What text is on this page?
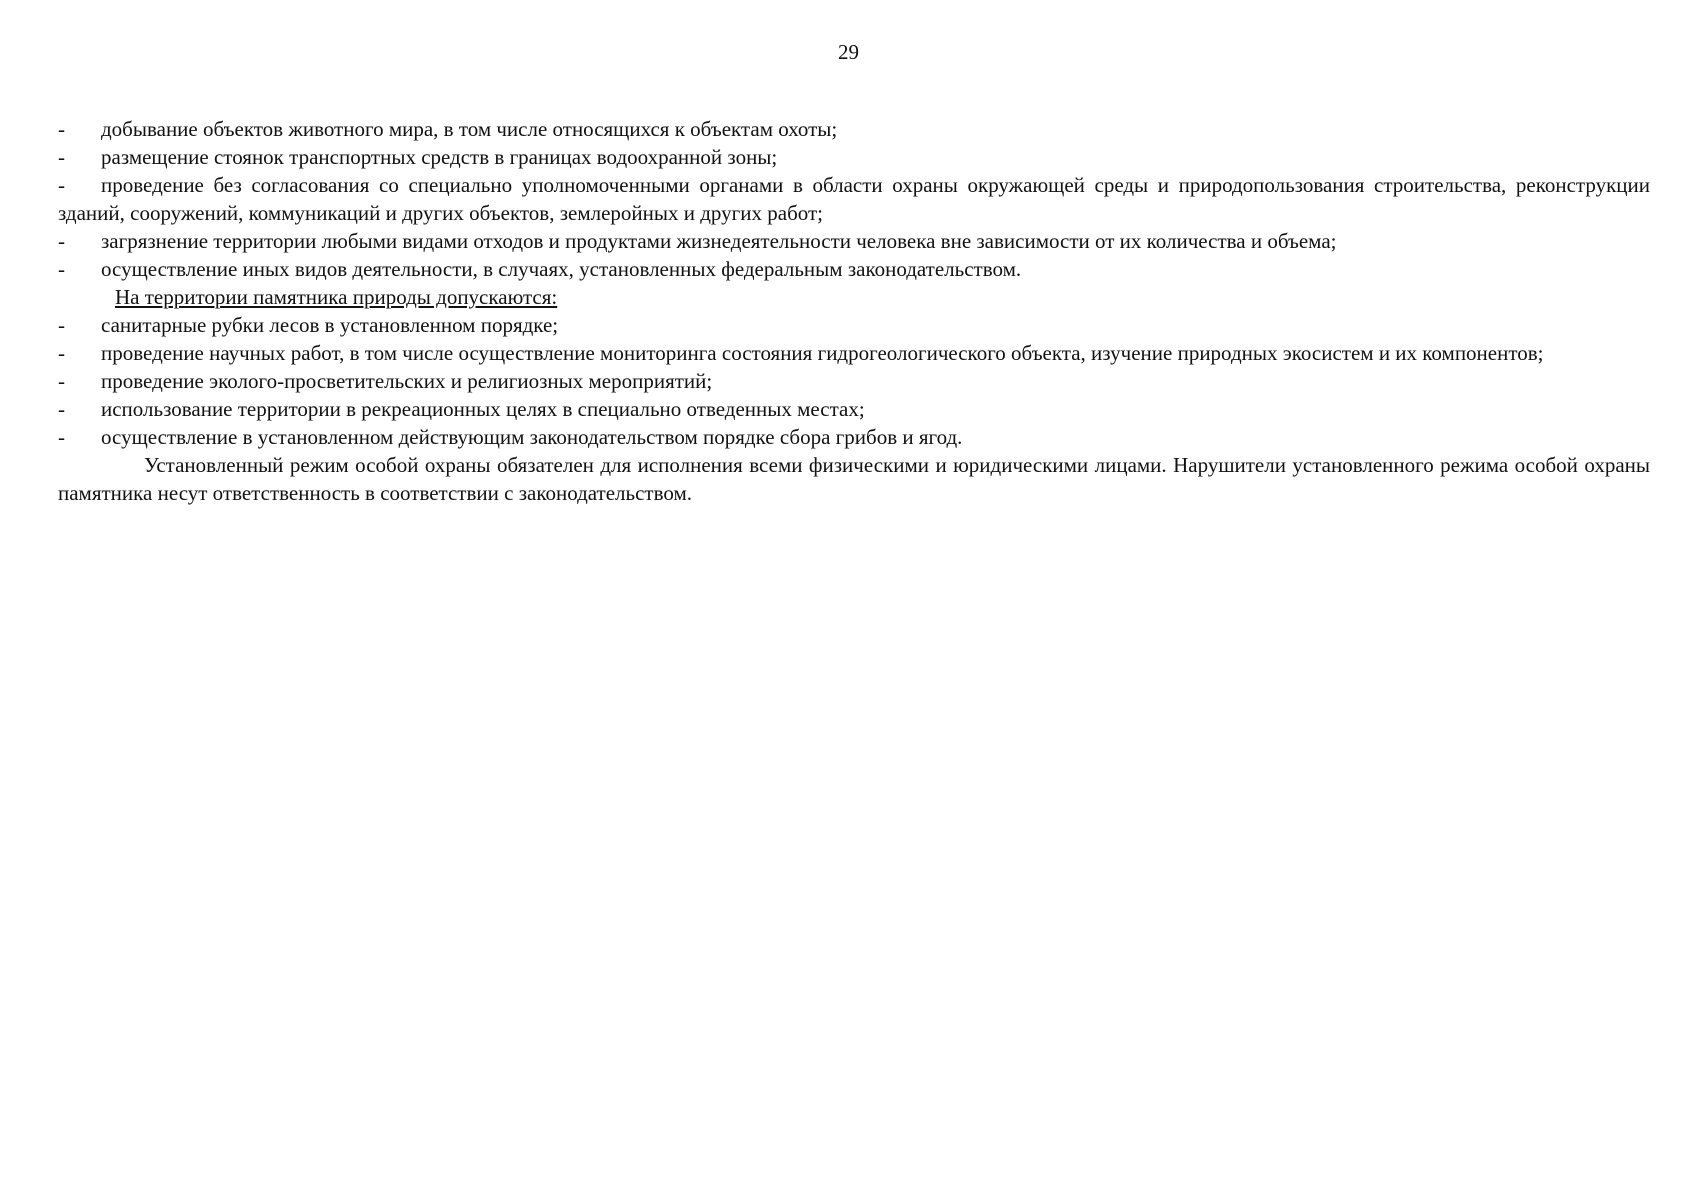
29

- добывание объектов животного мира, в том числе относящихся к объектам охоты;

- размещение стоянок транспортных средств в границах водоохранной зоны;

- проведение без согласования со специально уполномоченными органами в области охраны окружающей среды и природопользования строительства, реконструкции зданий, сооружений, коммуникаций и других объектов, землеройных и других работ;

- загрязнение территории любыми видами отходов и продуктами жизнедеятельности человека вне зависимости от их количества и объема;

- осуществление иных видов деятельности, в случаях, установленных федеральным законодательством.

На территории памятника природы допускаются:

- санитарные рубки лесов в установленном порядке;

- проведение научных работ, в том числе осуществление мониторинга состояния гидрогеологического объекта, изучение природных экосистем и их компонентов;

- проведение эколого-просветительских и религиозных мероприятий;

- использование территории в рекреационных целях в специально отведенных местах;

- осуществление в установленном действующим законодательством порядке сбора грибов и ягод.

Установленный режим особой охраны обязателен для исполнения всеми физическими и юридическими лицами. Нарушители установленного режима особой охраны памятника несут ответственность в соответствии с законодательством.
